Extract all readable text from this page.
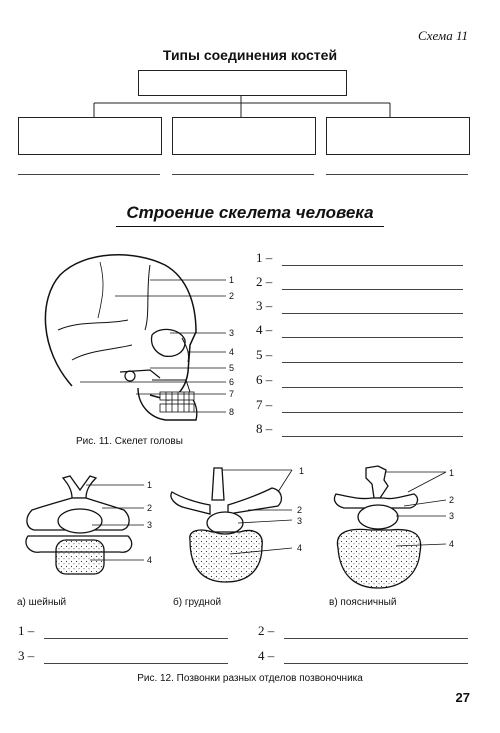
Схема 11
Типы соединения костей
Строение скелета человека
1
2
3
4
5
6
7
8
1 –
2 –
3 –
4 –
5 –
6 –
7 –
8 –
Рис. 11. Скелет головы
1
2
3
4
1
2
3
4
1
2
3
4
а) шейный	б) грудной	в) поясничный
1 –	2 –
3 –	4 –
Рис. 12. Позвонки разных отделов позвоночника
27
